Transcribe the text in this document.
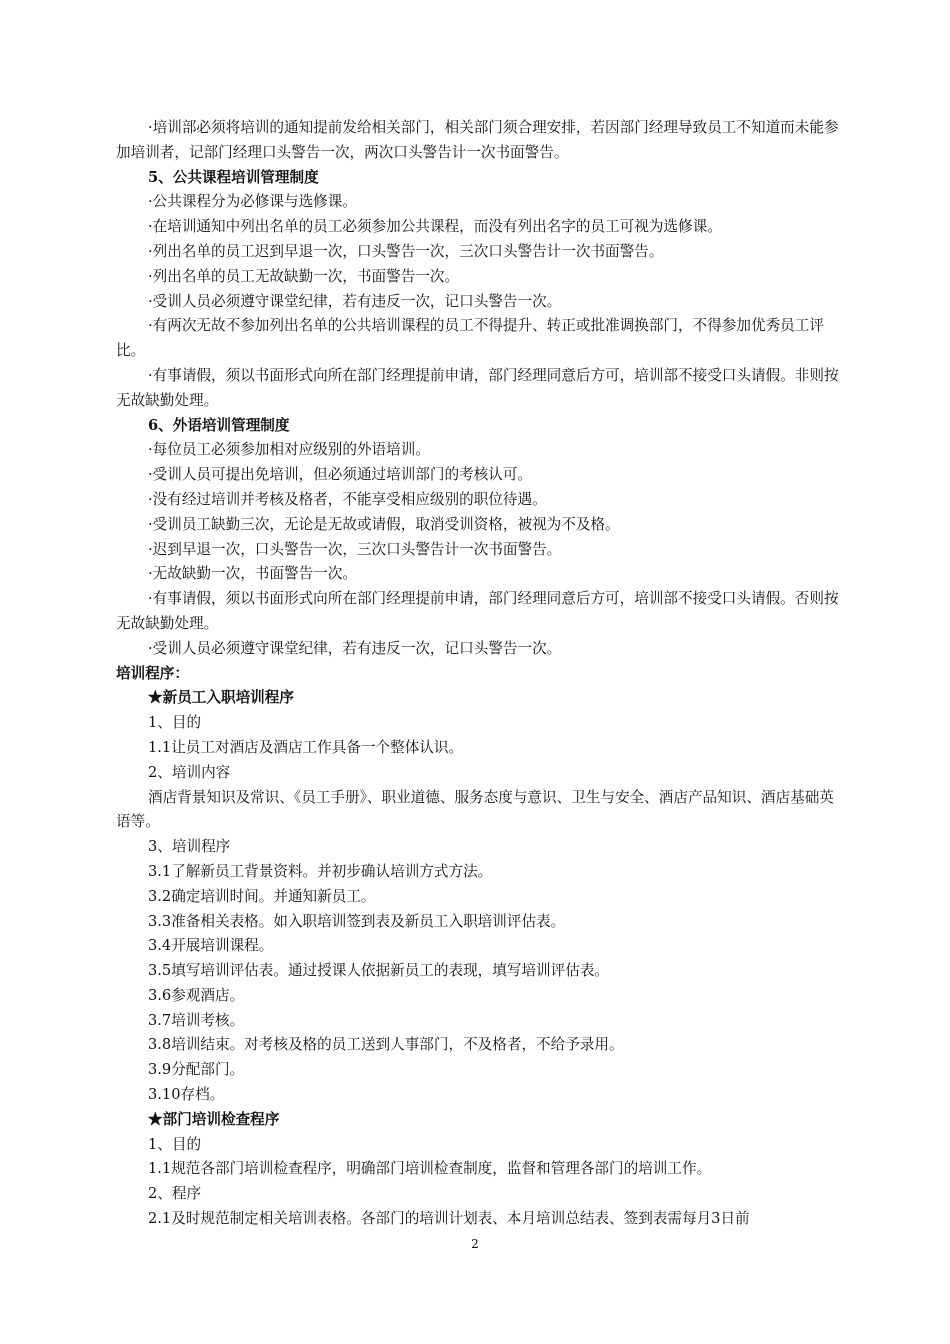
·培训部必须将培训的通知提前发给相关部门，相关部门须合理安排，若因部门经理导致员工不知道而未能参加培训者，记部门经理口头警告一次，两次口头警告计一次书面警告。

5、公共课程培训管理制度

·公共课程分为必修课与选修课。

·在培训通知中列出名单的员工必须参加公共课程，而没有列出名字的员工可视为选修课。

·列出名单的员工迟到早退一次，口头警告一次，三次口头警告计一次书面警告。

·列出名单的员工无故缺勤一次，书面警告一次。

·受训人员必须遵守课堂纪律，若有违反一次，记口头警告一次。

·有两次无故不参加列出名单的公共培训课程的员工不得提升、转正或批准调换部门，不得参加优秀员工评比。

·有事请假，须以书面形式向所在部门经理提前申请，部门经理同意后方可，培训部不接受口头请假。非则按无故缺勤处理。

6、外语培训管理制度

·每位员工必须参加相对应级别的外语培训。

·受训人员可提出免培训，但必须通过培训部门的考核认可。

·没有经过培训并考核及格者，不能享受相应级别的职位待遇。

·受训员工缺勤三次，无论是无故或请假，取消受训资格，被视为不及格。

·迟到早退一次，口头警告一次，三次口头警告计一次书面警告。

·无故缺勤一次，书面警告一次。

·有事请假，须以书面形式向所在部门经理提前申请，部门经理同意后方可，培训部不接受口头请假。否则按无故缺勤处理。

·受训人员必须遵守课堂纪律，若有违反一次，记口头警告一次。

培训程序：

★新员工入职培训程序

1、目的

1.1让员工对酒店及酒店工作具备一个整体认识。

2、培训内容

酒店背景知识及常识、《员工手册》、职业道德、服务态度与意识、卫生与安全、酒店产品知识、酒店基础英语等。

3、培训程序

3.1了解新员工背景资料。并初步确认培训方式方法。

3.2确定培训时间。并通知新员工。

3.3准备相关表格。如入职培训签到表及新员工入职培训评估表。

3.4开展培训课程。

3.5填写培训评估表。通过授课人依据新员工的表现，填写培训评估表。

3.6参观酒店。

3.7培训考核。

3.8培训结束。对考核及格的员工送到人事部门，不及格者，不给予录用。

3.9分配部门。

3.10存档。

★部门培训检查程序

1、目的

1.1规范各部门培训检查程序，明确部门培训检查制度，监督和管理各部门的培训工作。

2、程序

2.1及时规范制定相关培训表格。各部门的培训计划表、本月培训总结表、签到表需每月3日前

2
